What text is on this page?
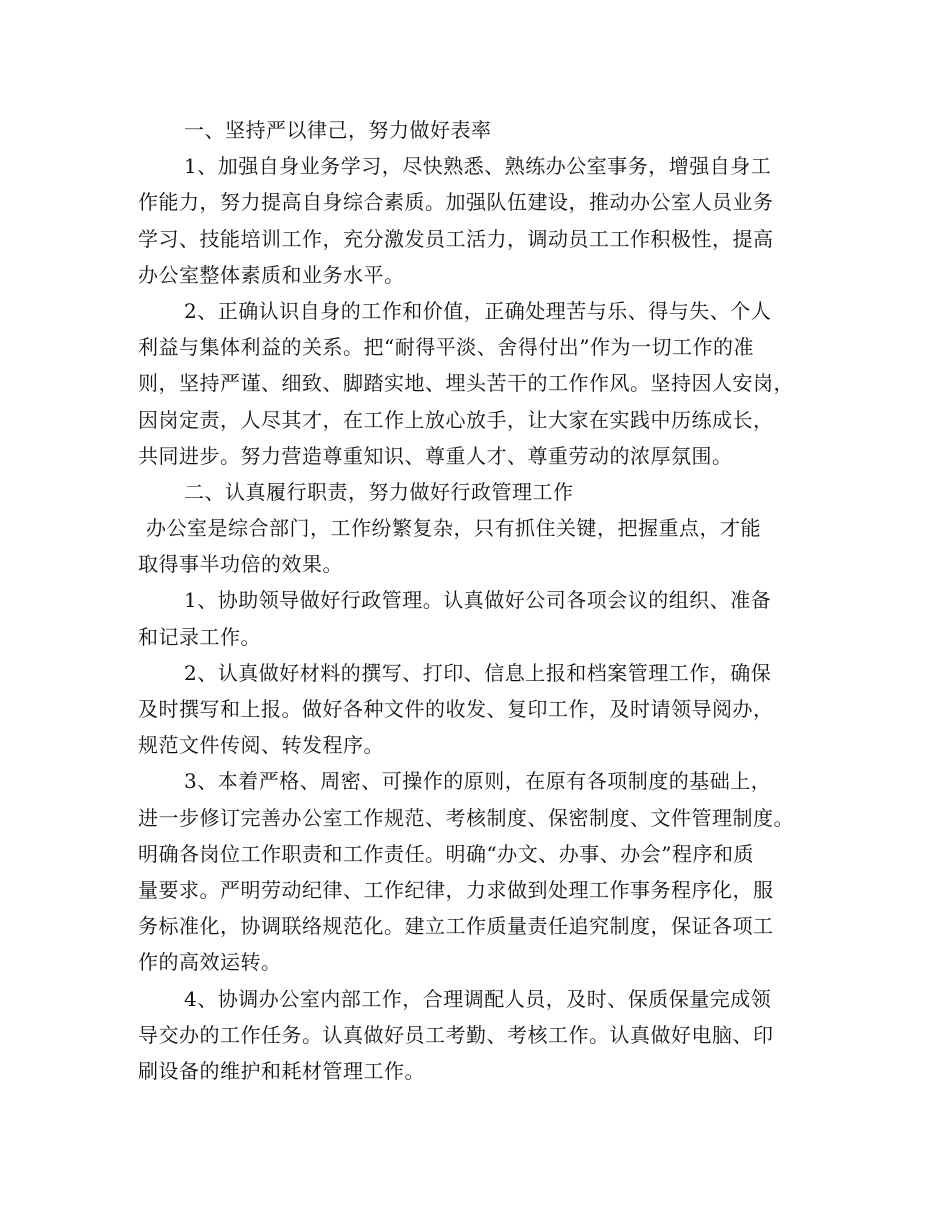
一、坚持严以律己，努力做好表率
1、加强自身业务学习，尽快熟悉、熟练办公室事务，增强自身工
作能力，努力提高自身综合素质。加强队伍建设，推动办公室人员业务
学习、技能培训工作，充分激发员工活力，调动员工工作积极性，提高
办公室整体素质和业务水平。
2、正确认识自身的工作和价值，正确处理苦与乐、得与失、个人
利益与集体利益的关系。把“耐得平淡、舍得付出”作为一切工作的准
则，坚持严谨、细致、脚踏实地、埋头苦干的工作作风。坚持因人安岗，
因岗定责，人尽其才，在工作上放心放手，让大家在实践中历练成长，
共同进步。努力营造尊重知识、尊重人才、尊重劳动的浓厚氛围。
二、认真履行职责，努力做好行政管理工作
办公室是综合部门，工作纷繁复杂，只有抓住关键，把握重点，才能
取得事半功倍的效果。
1、协助领导做好行政管理。认真做好公司各项会议的组织、准备
和记录工作。
2、认真做好材料的撰写、打印、信息上报和档案管理工作，确保
及时撰写和上报。做好各种文件的收发、复印工作，及时请领导阅办，
规范文件传阅、转发程序。
3、本着严格、周密、可操作的原则，在原有各项制度的基础上，
进一步修订完善办公室工作规范、考核制度、保密制度、文件管理制度。
明确各岗位工作职责和工作责任。明确“办文、办事、办会”程序和质
量要求。严明劳动纪律、工作纪律，力求做到处理工作事务程序化，服
务标准化，协调联络规范化。建立工作质量责任追究制度，保证各项工
作的高效运转。
4、协调办公室内部工作，合理调配人员，及时、保质保量完成领
导交办的工作任务。认真做好员工考勤、考核工作。认真做好电脑、印
刷设备的维护和耗材管理工作。
